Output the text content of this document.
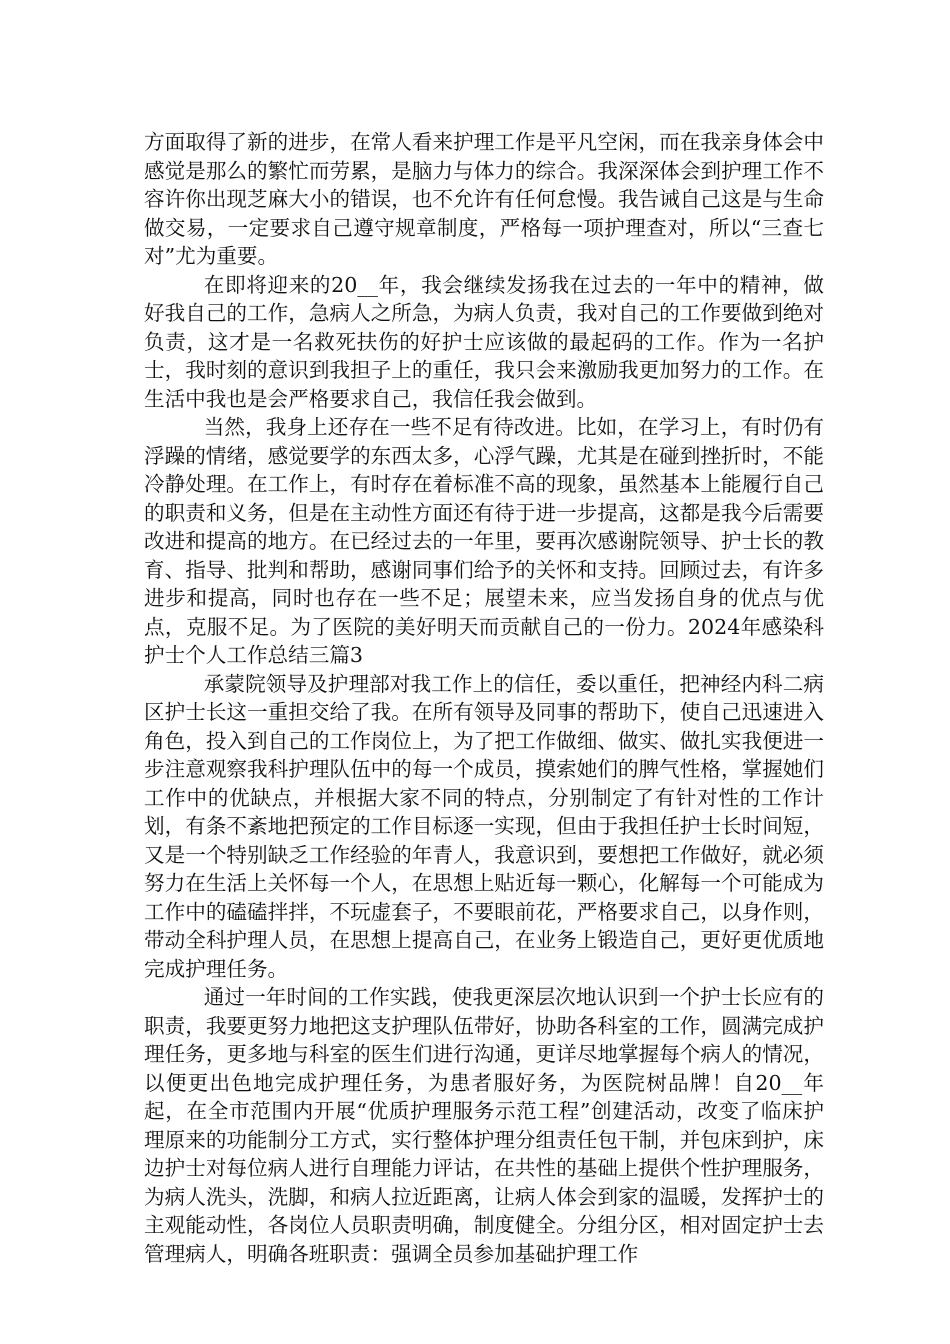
方面取得了新的进步，在常人看来护理工作是平凡空闲，而在我亲身体会中感觉是那么的繁忙而劳累，是脑力与体力的综合。我深深体会到护理工作不容许你出现芝麻大小的错误，也不允许有任何怠慢。我告诫自己这是与生命做交易，一定要求自己遵守规章制度，严格每一项护理查对，所以“三查七对”尤为重要。

在即将迎来的20__年，我会继续发扬我在过去的一年中的精神，做好我自己的工作，急病人之所急，为病人负责，我对自己的工作要做到绝对负责，这才是一名救死扶伤的好护士应该做的最起码的工作。作为一名护士，我时刻的意识到我担子上的重任，我只会来激励我更加努力的工作。在生活中我也是会严格要求自己，我信任我会做到。

当然，我身上还存在一些不足有待改进。比如，在学习上，有时仍有浮躁的情绪，感觉要学的东西太多，心浮气躁，尤其是在碰到挫折时，不能冷静处理。在工作上，有时存在着标准不高的现象，虽然基本上能履行自己的职责和义务，但是在主动性方面还有待于进一步提高，这都是我今后需要改进和提高的地方。在已经过去的一年里，要再次感谢院领导、护士长的教育、指导、批判和帮助，感谢同事们给予的关怀和支持。回顾过去，有许多进步和提高，同时也存在一些不足；展望未来，应当发扬自身的优点与优点，克服不足。为了医院的美好明天而贡献自己的一份力。2024年感染科护士个人工作总结三篇3

承蒙院领导及护理部对我工作上的信任，委以重任，把神经内科二病区护士长这一重担交给了我。在所有领导及同事的帮助下，使自己迅速进入角色，投入到自己的工作岗位上，为了把工作做细、做实、做扎实我便进一步注意观察我科护理队伍中的每一个成员，摸索她们的脾气性格，掌握她们工作中的优缺点，并根据大家不同的特点，分别制定了有针对性的工作计划，有条不紊地把预定的工作目标逐一实现，但由于我担任护士长时间短，又是一个特别缺乏工作经验的年青人，我意识到，要想把工作做好，就必须努力在生活上关怀每一个人，在思想上贴近每一颗心，化解每一个可能成为工作中的磕磕拌拌，不玩虚套子，不要眼前花，严格要求自己，以身作则，带动全科护理人员，在思想上提高自己，在业务上锻造自己，更好更优质地完成护理任务。

通过一年时间的工作实践，使我更深层次地认识到一个护士长应有的职责，我要更努力地把这支护理队伍带好，协助各科室的工作，圆满完成护理任务，更多地与科室的医生们进行沟通，更详尽地掌握每个病人的情况，以便更出色地完成护理任务，为患者服好务，为医院树品牌！自20__年起，在全市范围内开展“优质护理服务示范工程”创建活动，改变了临床护理原来的功能制分工方式，实行整体护理分组责任包干制，并包床到护，床边护士对每位病人进行自理能力评诂，在共性的基础上提供个性护理服务，为病人洗头，洗脚，和病人拉近距离，让病人体会到家的温暖，发挥护士的主观能动性，各岗位人员职责明确，制度健全。分组分区，相对固定护士去管理病人，明确各班职责：强调全员参加基础护理工作
